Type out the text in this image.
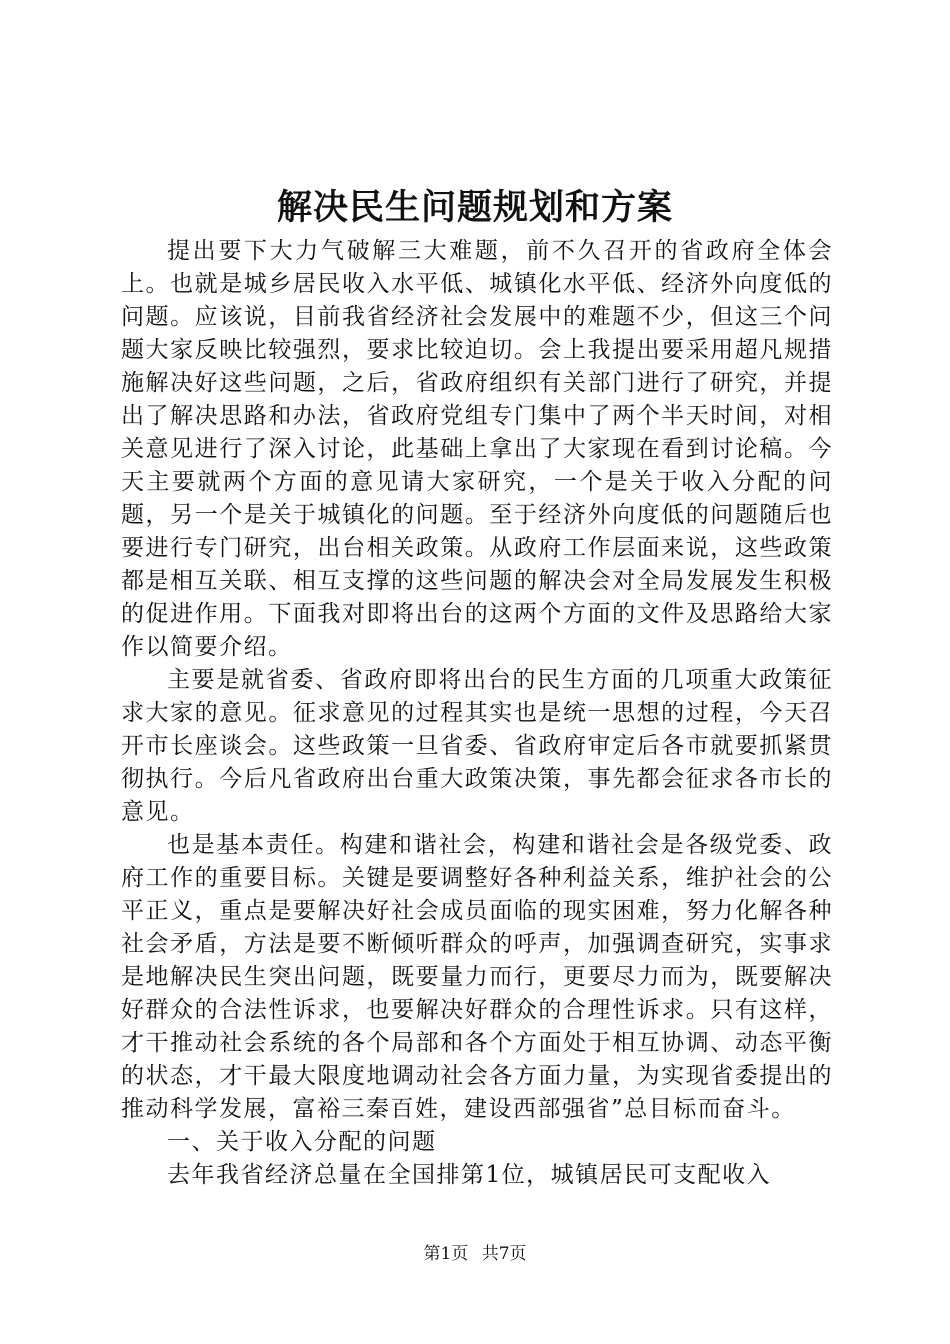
解决民生问题规划和方案

提出要下大力气破解三大难题，前不久召开的省政府全体会上。也就是城乡居民收入水平低、城镇化水平低、经济外向度低的问题。应该说，目前我省经济社会发展中的难题不少，但这三个问题大家反映比较强烈，要求比较迫切。会上我提出要采用超凡规措施解决好这些问题，之后，省政府组织有关部门进行了研究，并提出了解决思路和办法，省政府党组专门集中了两个半天时间，对相关意见进行了深入讨论，此基础上拿出了大家现在看到讨论稿。今天主要就两个方面的意见请大家研究，一个是关于收入分配的问题，另一个是关于城镇化的问题。至于经济外向度低的问题随后也要进行专门研究，出台相关政策。从政府工作层面来说，这些政策都是相互关联、相互支撑的这些问题的解决会对全局发展发生积极的促进作用。下面我对即将出台的这两个方面的文件及思路给大家作以简要介绍。

主要是就省委、省政府即将出台的民生方面的几项重大政策征求大家的意见。征求意见的过程其实也是统一思想的过程，今天召开市长座谈会。这些政策一旦省委、省政府审定后各市就要抓紧贯彻执行。今后凡省政府出台重大政策决策，事先都会征求各市长的意见。

也是基本责任。构建和谐社会，构建和谐社会是各级党委、政府工作的重要目标。关键是要调整好各种利益关系，维护社会的公平正义，重点是要解决好社会成员面临的现实困难，努力化解各种社会矛盾，方法是要不断倾听群众的呼声，加强调查研究，实事求是地解决民生突出问题，既要量力而行，更要尽力而为，既要解决好群众的合法性诉求，也要解决好群众的合理性诉求。只有这样，才干推动社会系统的各个局部和各个方面处于相互协调、动态平衡的状态，才干最大限度地调动社会各方面力量，为实现省委提出的推动科学发展，富裕三秦百姓，建设西部强省”总目标而奋斗。

一、关于收入分配的问题

去年我省经济总量在全国排第1位，城镇居民可支配收入

第1页 共7页
